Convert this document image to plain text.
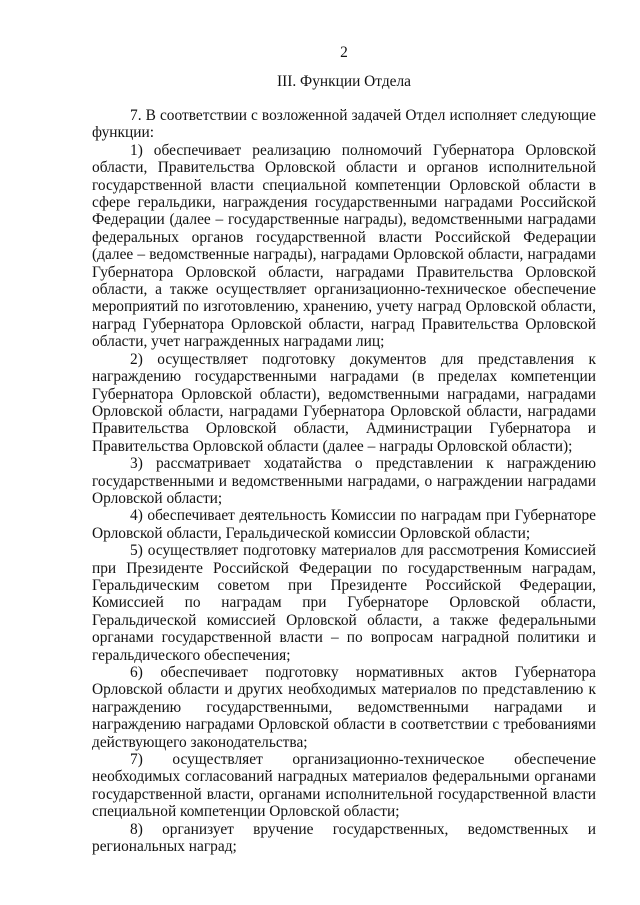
2
III. Функции Отдела

7. В соответствии с возложенной задачей Отдел исполняет следующие функции:

1) обеспечивает реализацию полномочий Губернатора Орловской области, Правительства Орловской области и органов исполнительной государственной власти специальной компетенции Орловской области в сфере геральдики, награждения государственными наградами Российской Федерации (далее – государственные награды), ведомственными наградами федеральных органов государственной власти Российской Федерации (далее – ведомственные награды), наградами Орловской области, наградами Губернатора Орловской области, наградами Правительства Орловской области, а также осуществляет организационно-техническое обеспечение мероприятий по изготовлению, хранению, учету наград Орловской области, наград Губернатора Орловской области, наград Правительства Орловской области, учет награжденных наградами лиц;

2) осуществляет подготовку документов для представления к награждению государственными наградами (в пределах компетенции Губернатора Орловской области), ведомственными наградами, наградами Орловской области, наградами Губернатора Орловской области, наградами Правительства Орловской области, Администрации Губернатора и Правительства Орловской области (далее – награды Орловской области);

3) рассматривает ходатайства о представлении к награждению государственными и ведомственными наградами, о награждении наградами Орловской области;

4) обеспечивает деятельность Комиссии по наградам при Губернаторе Орловской области, Геральдической комиссии Орловской области;

5) осуществляет подготовку материалов для рассмотрения Комиссией при Президенте Российской Федерации по государственным наградам, Геральдическим советом при Президенте Российской Федерации, Комиссией по наградам при Губернаторе Орловской области, Геральдической комиссией Орловской области, а также федеральными органами государственной власти – по вопросам наградной политики и геральдического обеспечения;

6) обеспечивает подготовку нормативных актов Губернатора Орловской области и других необходимых материалов по представлению к награждению государственными, ведомственными наградами и награждению наградами Орловской области в соответствии с требованиями действующего законодательства;

7) осуществляет организационно-техническое обеспечение необходимых согласований наградных материалов федеральными органами государственной власти, органами исполнительной государственной власти специальной компетенции Орловской области;

8) организует вручение государственных, ведомственных и региональных наград;
